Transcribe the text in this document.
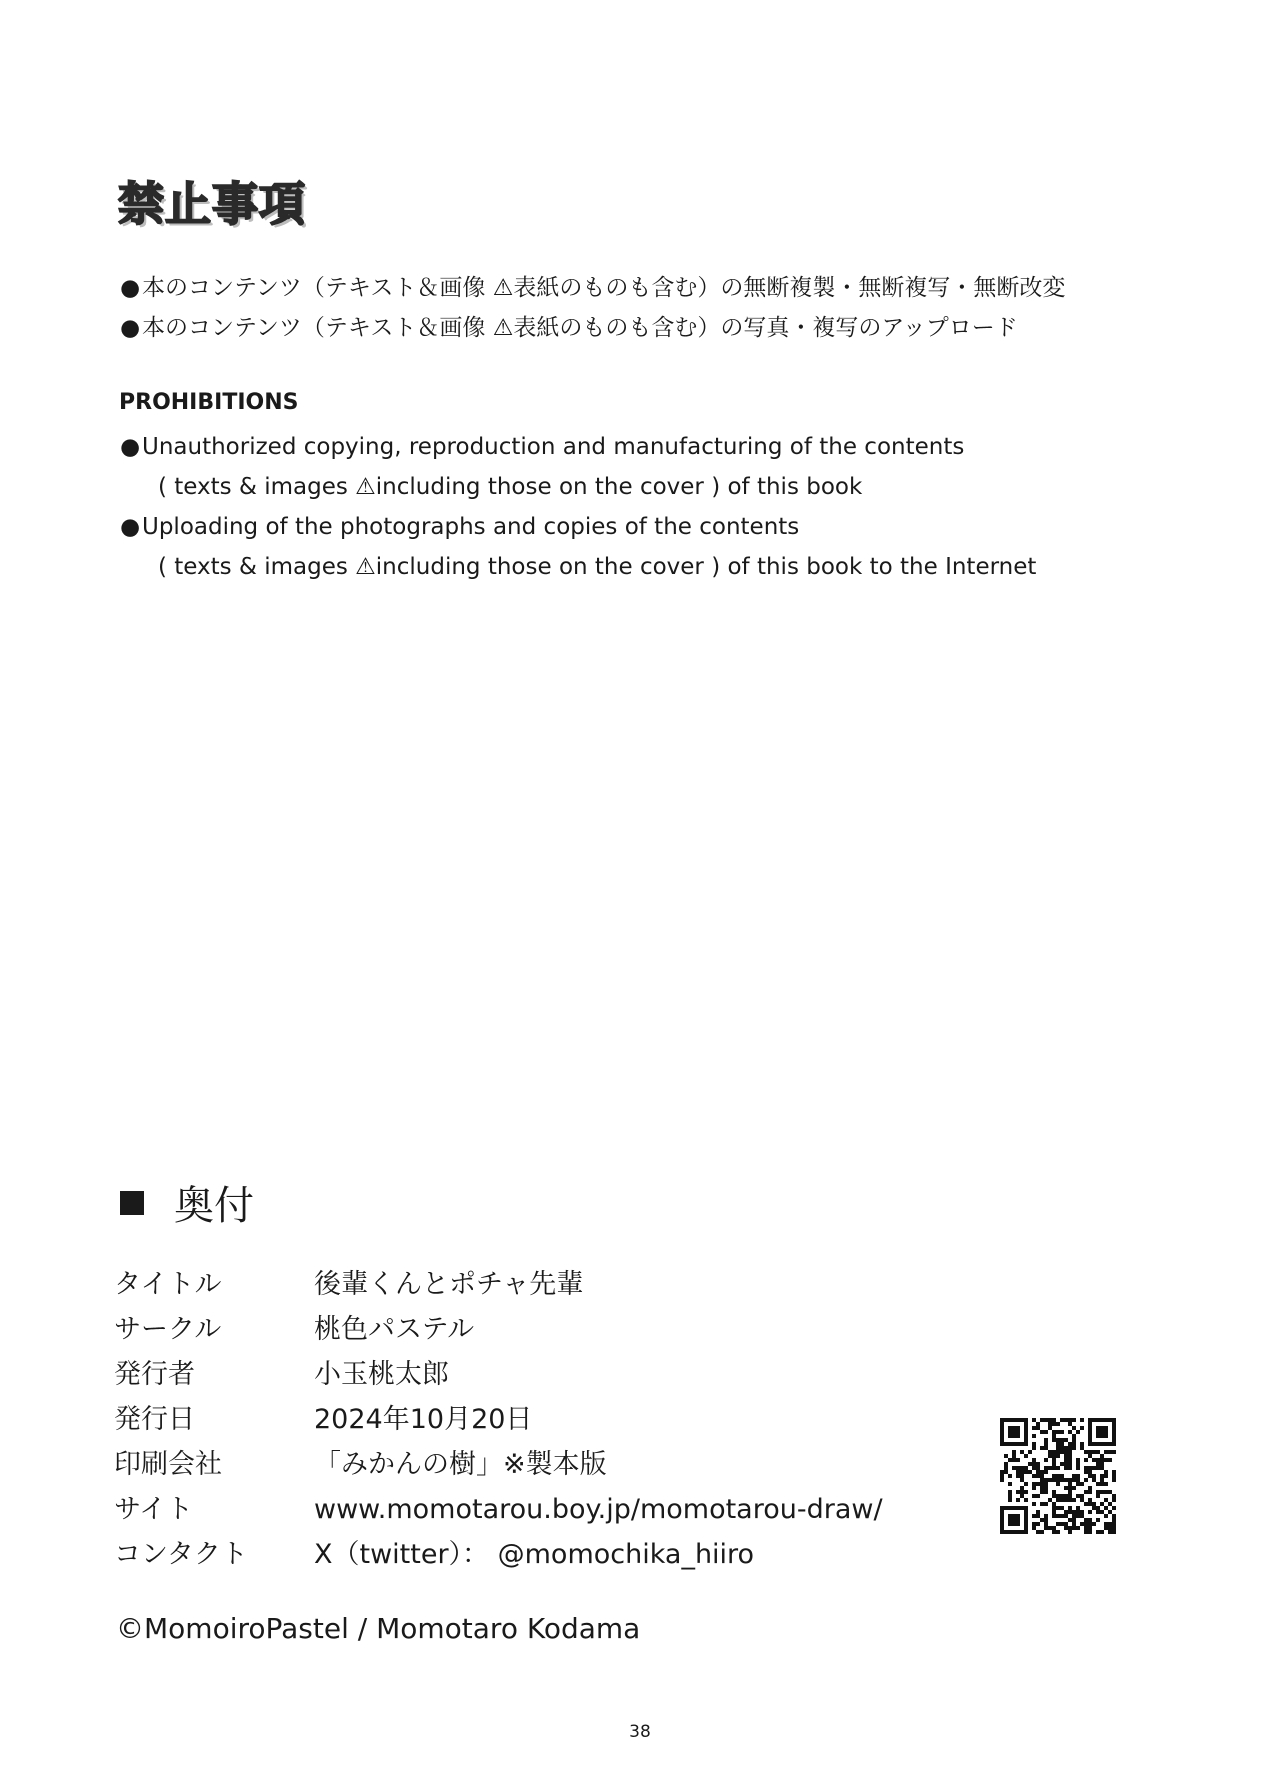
禁止事項
●本のコンテンツ（テキスト＆画像 ⚠表紙のものも含む）の無断複製・無断複写・無断改変
●本のコンテンツ（テキスト＆画像 ⚠表紙のものも含む）の写真・複写のアップロード
PROHIBITIONS
●Unauthorized copying, reproduction and manufacturing of the contents
( texts & images ⚠including those on the cover ) of this book
●Uploading of the photographs and copies of the contents
( texts & images ⚠including those on the cover ) of this book to the Internet
奥付
タイトル	後輩くんとポチャ先輩
サークル	桃色パステル
発行者	小玉桃太郎
発行日	2024年10月20日
印刷会社	「みかんの樹」※製本版
サイト	www.momotarou.boy.jp/momotarou-draw/
コンタクト X（twitter）： @momochika_hiiro
©MomoiroPastel / Momotaro Kodama
38
